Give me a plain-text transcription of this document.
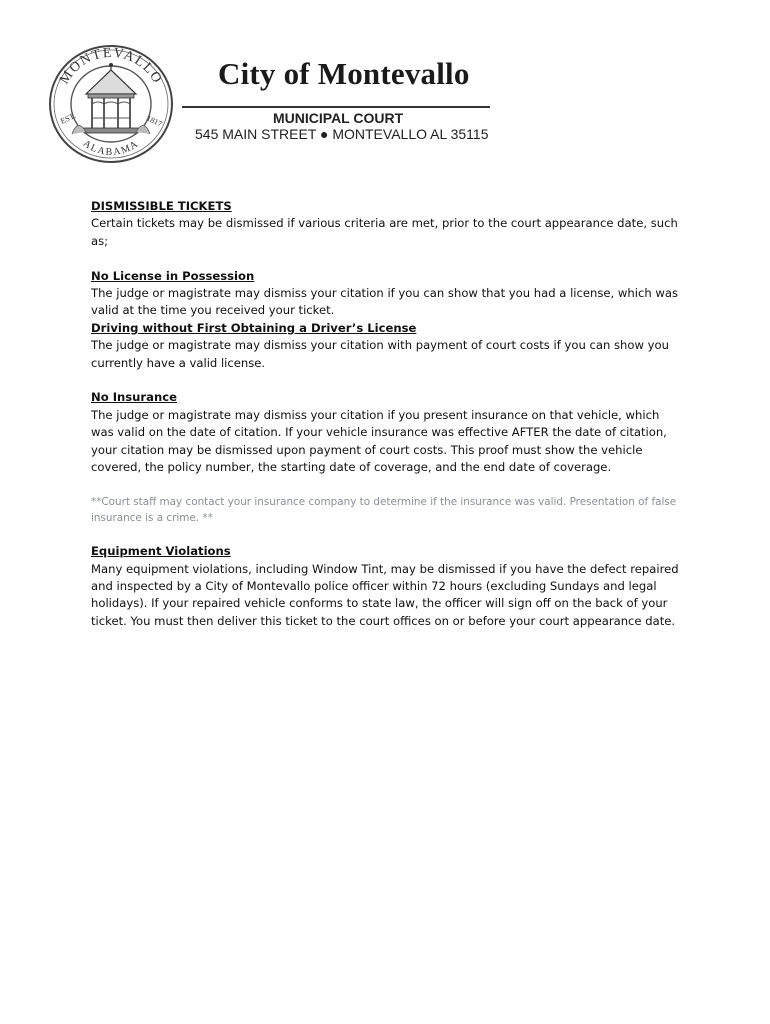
MONTEVALLO
ALABAMA
EST.	1817
City of Montevallo
MUNICIPAL COURT
545 MAIN STREET ● MONTEVALLO AL 35115
DISMISSIBLE TICKETS
Certain tickets may be dismissed if various criteria are met, prior to the court appearance date, such as;
No License in Possession
The judge or magistrate may dismiss your citation if you can show that you had a license, which was valid at the time you received your ticket.
Driving without First Obtaining a Driver’s License
The judge or magistrate may dismiss your citation with payment of court costs if you can show you currently have a valid license.
No Insurance
The judge or magistrate may dismiss your citation if you present insurance on that vehicle, which was valid on the date of citation. If your vehicle insurance was effective AFTER the date of citation, your citation may be dismissed upon payment of court costs. This proof must show the vehicle covered, the policy number, the starting date of coverage, and the end date of coverage.
**Court staff may contact your insurance company to determine if the insurance was valid. Presentation of false insurance is a crime. **
Equipment Violations
Many equipment violations, including Window Tint, may be dismissed if you have the defect repaired and inspected by a City of Montevallo police officer within 72 hours (excluding Sundays and legal holidays). If your repaired vehicle conforms to state law, the officer will sign off on the back of your ticket. You must then deliver this ticket to the court offices on or before your court appearance date.
